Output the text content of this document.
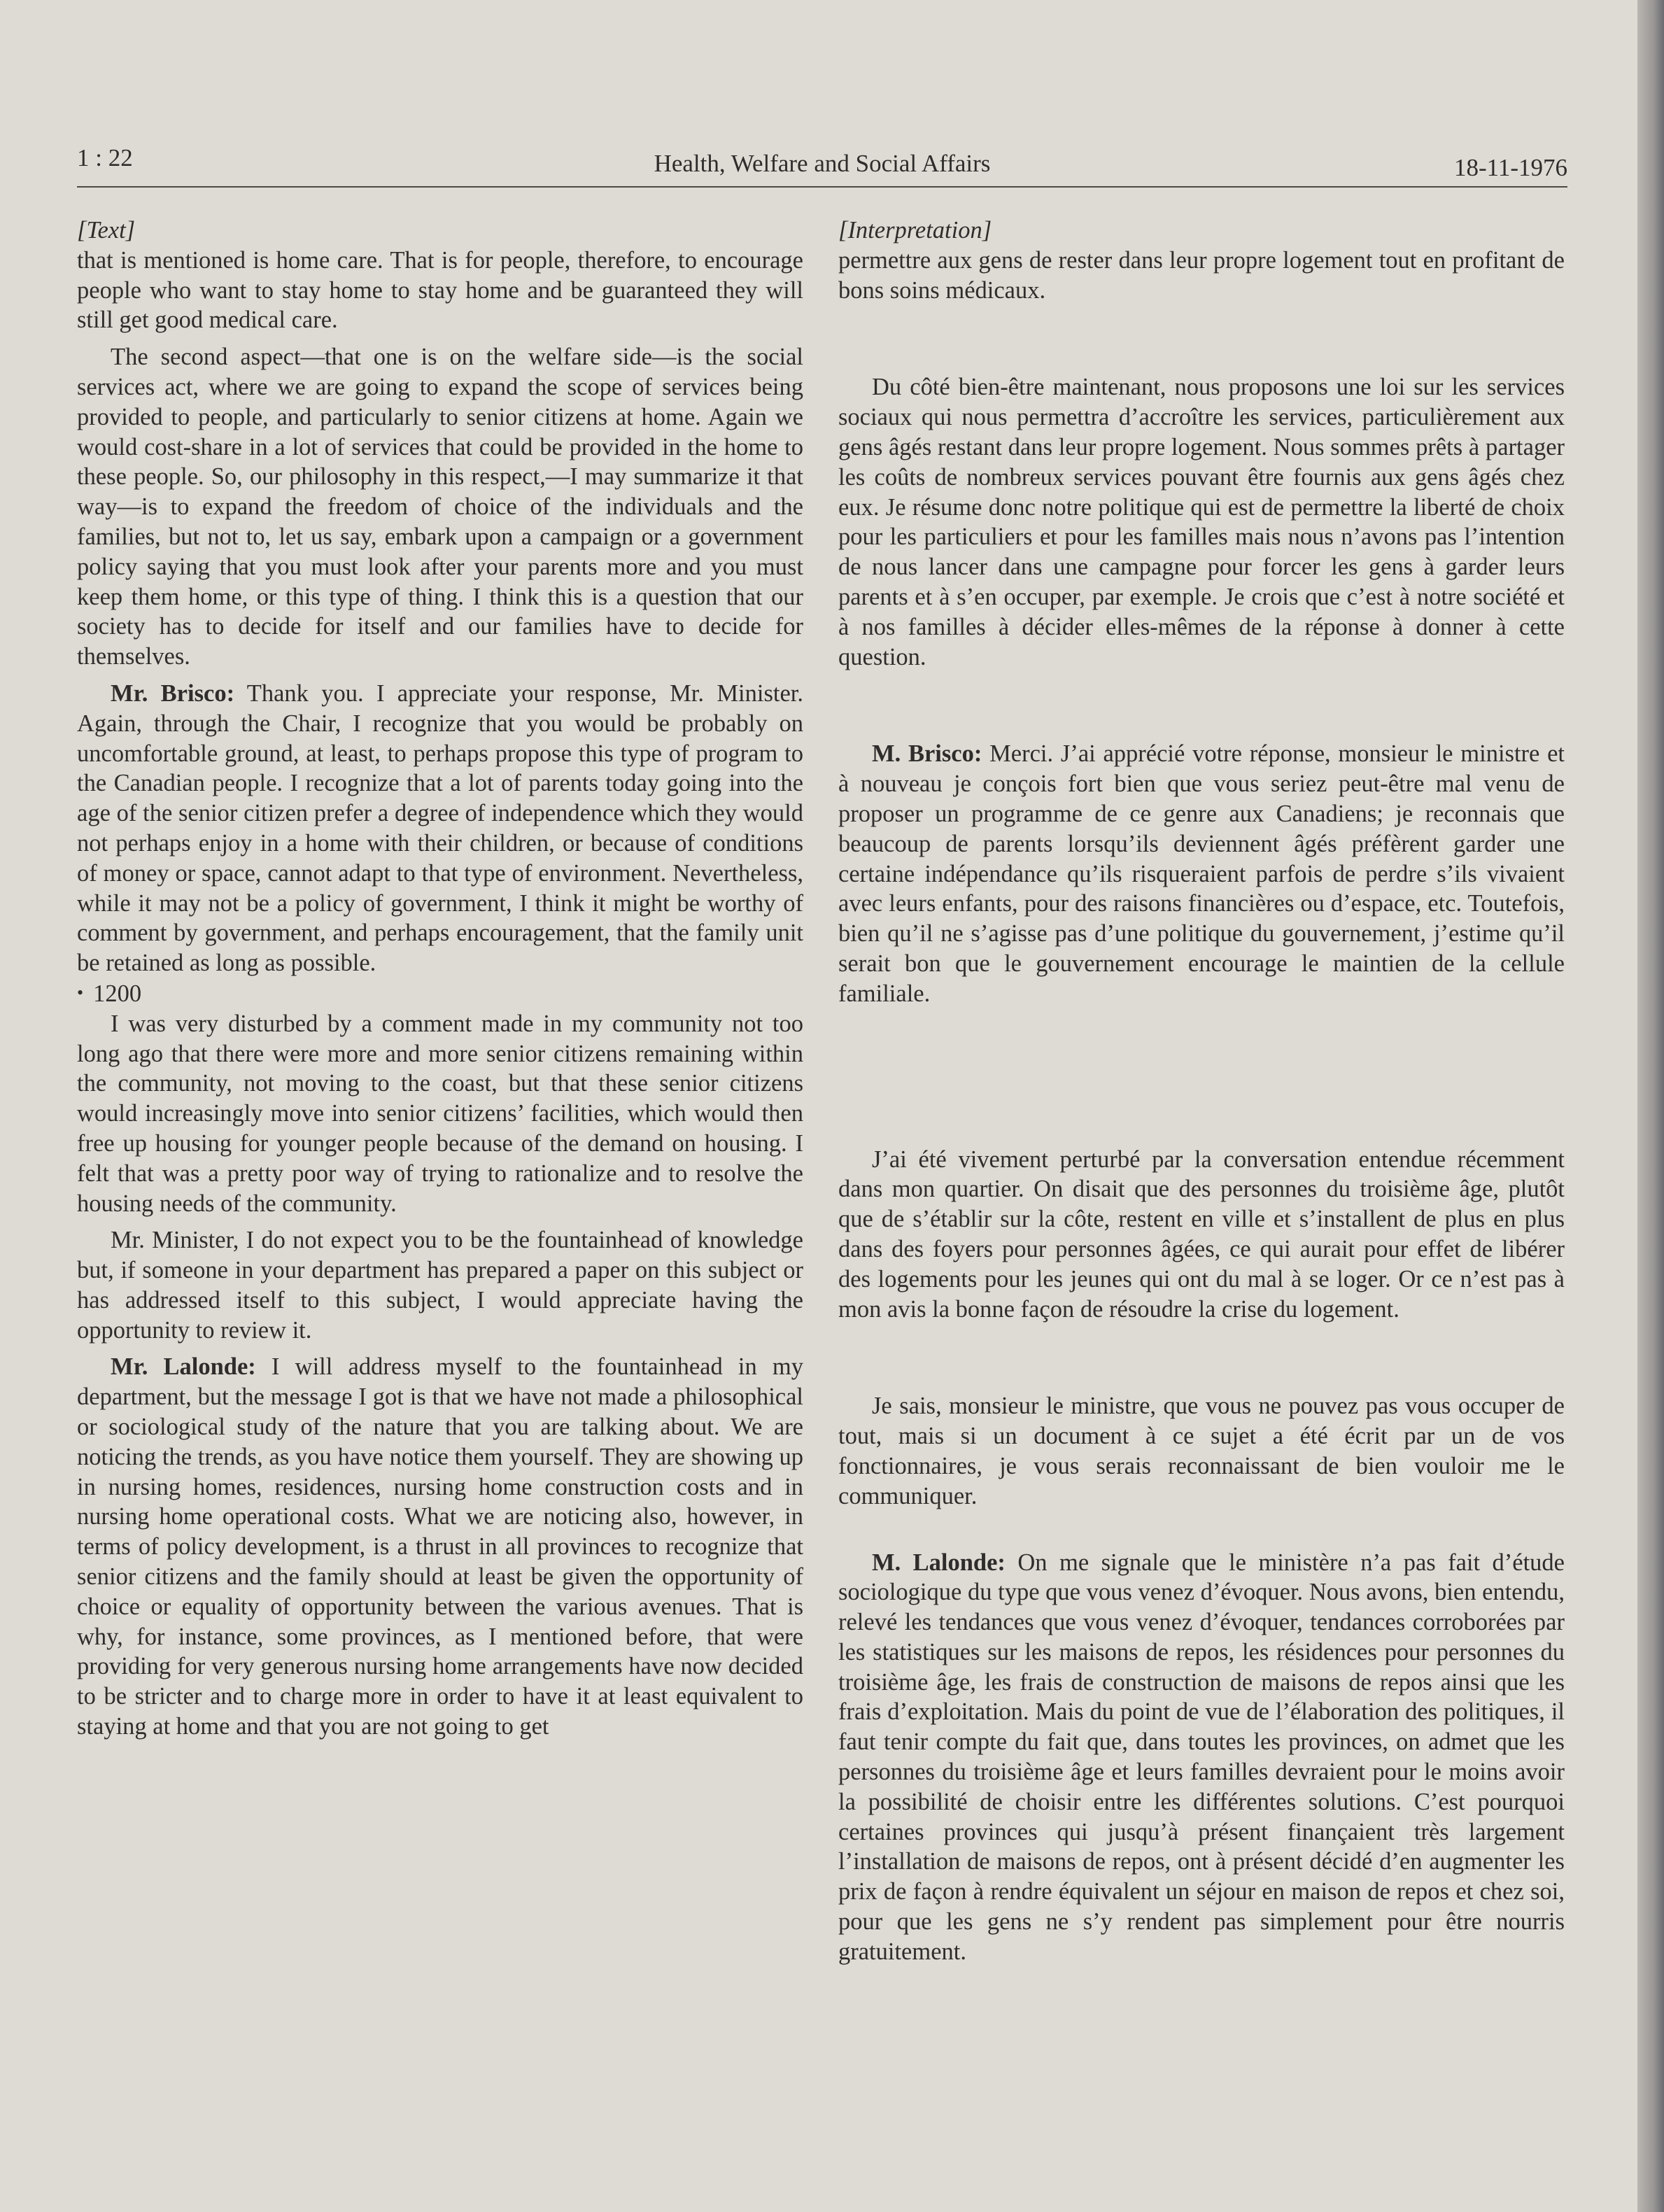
1 : 22	Health, Welfare and Social Affairs	18-11-1976

[Text]

that is mentioned is home care. That is for people, therefore, to encourage people who want to stay home to stay home and be guaranteed they will still get good medical care.

The second aspect—that one is on the welfare side—is the social services act, where we are going to expand the scope of services being provided to people, and particularly to senior citizens at home. Again we would cost-share in a lot of services that could be provided in the home to these people. So, our philosophy in this respect,—I may summarize it that way—is to expand the freedom of choice of the individuals and the families, but not to, let us say, embark upon a campaign or a government policy saying that you must look after your parents more and you must keep them home, or this type of thing. I think this is a question that our society has to decide for itself and our families have to decide for themselves.

Mr. Brisco: Thank you. I appreciate your response, Mr. Minister. Again, through the Chair, I recognize that you would be probably on uncomfortable ground, at least, to perhaps propose this type of program to the Canadian people. I recognize that a lot of parents today going into the age of the senior citizen prefer a degree of independence which they would not perhaps enjoy in a home with their children, or because of conditions of money or space, cannot adapt to that type of environment. Nevertheless, while it may not be a policy of government, I think it might be worthy of comment by government, and perhaps encouragement, that the family unit be retained as long as possible.

• 1200

I was very disturbed by a comment made in my community not too long ago that there were more and more senior citizens remaining within the community, not moving to the coast, but that these senior citizens would increasingly move into senior citizens’ facilities, which would then free up housing for younger people because of the demand on housing. I felt that was a pretty poor way of trying to rationalize and to resolve the housing needs of the community.

Mr. Minister, I do not expect you to be the fountainhead of knowledge but, if someone in your department has prepared a paper on this subject or has addressed itself to this subject, I would appreciate having the opportunity to review it.

Mr. Lalonde: I will address myself to the fountainhead in my department, but the message I got is that we have not made a philosophical or sociological study of the nature that you are talking about. We are noticing the trends, as you have notice them yourself. They are showing up in nursing homes, residences, nursing home construction costs and in nursing home operational costs. What we are noticing also, however, in terms of policy development, is a thrust in all provinces to recognize that senior citizens and the family should at least be given the opportunity of choice or equality of opportunity between the various avenues. That is why, for instance, some provinces, as I mentioned before, that were providing for very generous nursing home arrangements have now decided to be stricter and to charge more in order to have it at least equivalent to staying at home and that you are not going to get

[Interpretation]

permettre aux gens de rester dans leur propre logement tout en profitant de bons soins médicaux.

Du côté bien-être maintenant, nous proposons une loi sur les services sociaux qui nous permettra d’accroître les services, particulièrement aux gens âgés restant dans leur propre logement. Nous sommes prêts à partager les coûts de nombreux services pouvant être fournis aux gens âgés chez eux. Je résume donc notre politique qui est de permettre la liberté de choix pour les particuliers et pour les familles mais nous n’avons pas l’intention de nous lancer dans une campagne pour forcer les gens à garder leurs parents et à s’en occuper, par exemple. Je crois que c’est à notre société et à nos familles à décider elles-mêmes de la réponse à donner à cette question.

M. Brisco: Merci. J’ai apprécié votre réponse, monsieur le ministre et à nouveau je conçois fort bien que vous seriez peut-être mal venu de proposer un programme de ce genre aux Canadiens; je reconnais que beaucoup de parents lorsqu’ils deviennent âgés préfèrent garder une certaine indépendance qu’ils risqueraient parfois de perdre s’ils vivaient avec leurs enfants, pour des raisons financières ou d’espace, etc. Toutefois, bien qu’il ne s’agisse pas d’une politique du gouvernement, j’estime qu’il serait bon que le gouvernement encourage le maintien de la cellule familiale.

J’ai été vivement perturbé par la conversation entendue récemment dans mon quartier. On disait que des personnes du troisième âge, plutôt que de s’établir sur la côte, restent en ville et s’installent de plus en plus dans des foyers pour personnes âgées, ce qui aurait pour effet de libérer des logements pour les jeunes qui ont du mal à se loger. Or ce n’est pas à mon avis la bonne façon de résoudre la crise du logement.

Je sais, monsieur le ministre, que vous ne pouvez pas vous occuper de tout, mais si un document à ce sujet a été écrit par un de vos fonctionnaires, je vous serais reconnaissant de bien vouloir me le communiquer.

M. Lalonde: On me signale que le ministère n’a pas fait d’étude sociologique du type que vous venez d’évoquer. Nous avons, bien entendu, relevé les tendances que vous venez d’évoquer, tendances corroborées par les statistiques sur les maisons de repos, les résidences pour personnes du troisième âge, les frais de construction de maisons de repos ainsi que les frais d’exploitation. Mais du point de vue de l’élaboration des politiques, il faut tenir compte du fait que, dans toutes les provinces, on admet que les personnes du troisième âge et leurs familles devraient pour le moins avoir la possibilité de choisir entre les différentes solutions. C’est pourquoi certaines provinces qui jusqu’à présent finançaient très largement l’installation de maisons de repos, ont à présent décidé d’en augmenter les prix de façon à rendre équivalent un séjour en maison de repos et chez soi, pour que les gens ne s’y rendent pas simplement pour être nourris gratuitement.
